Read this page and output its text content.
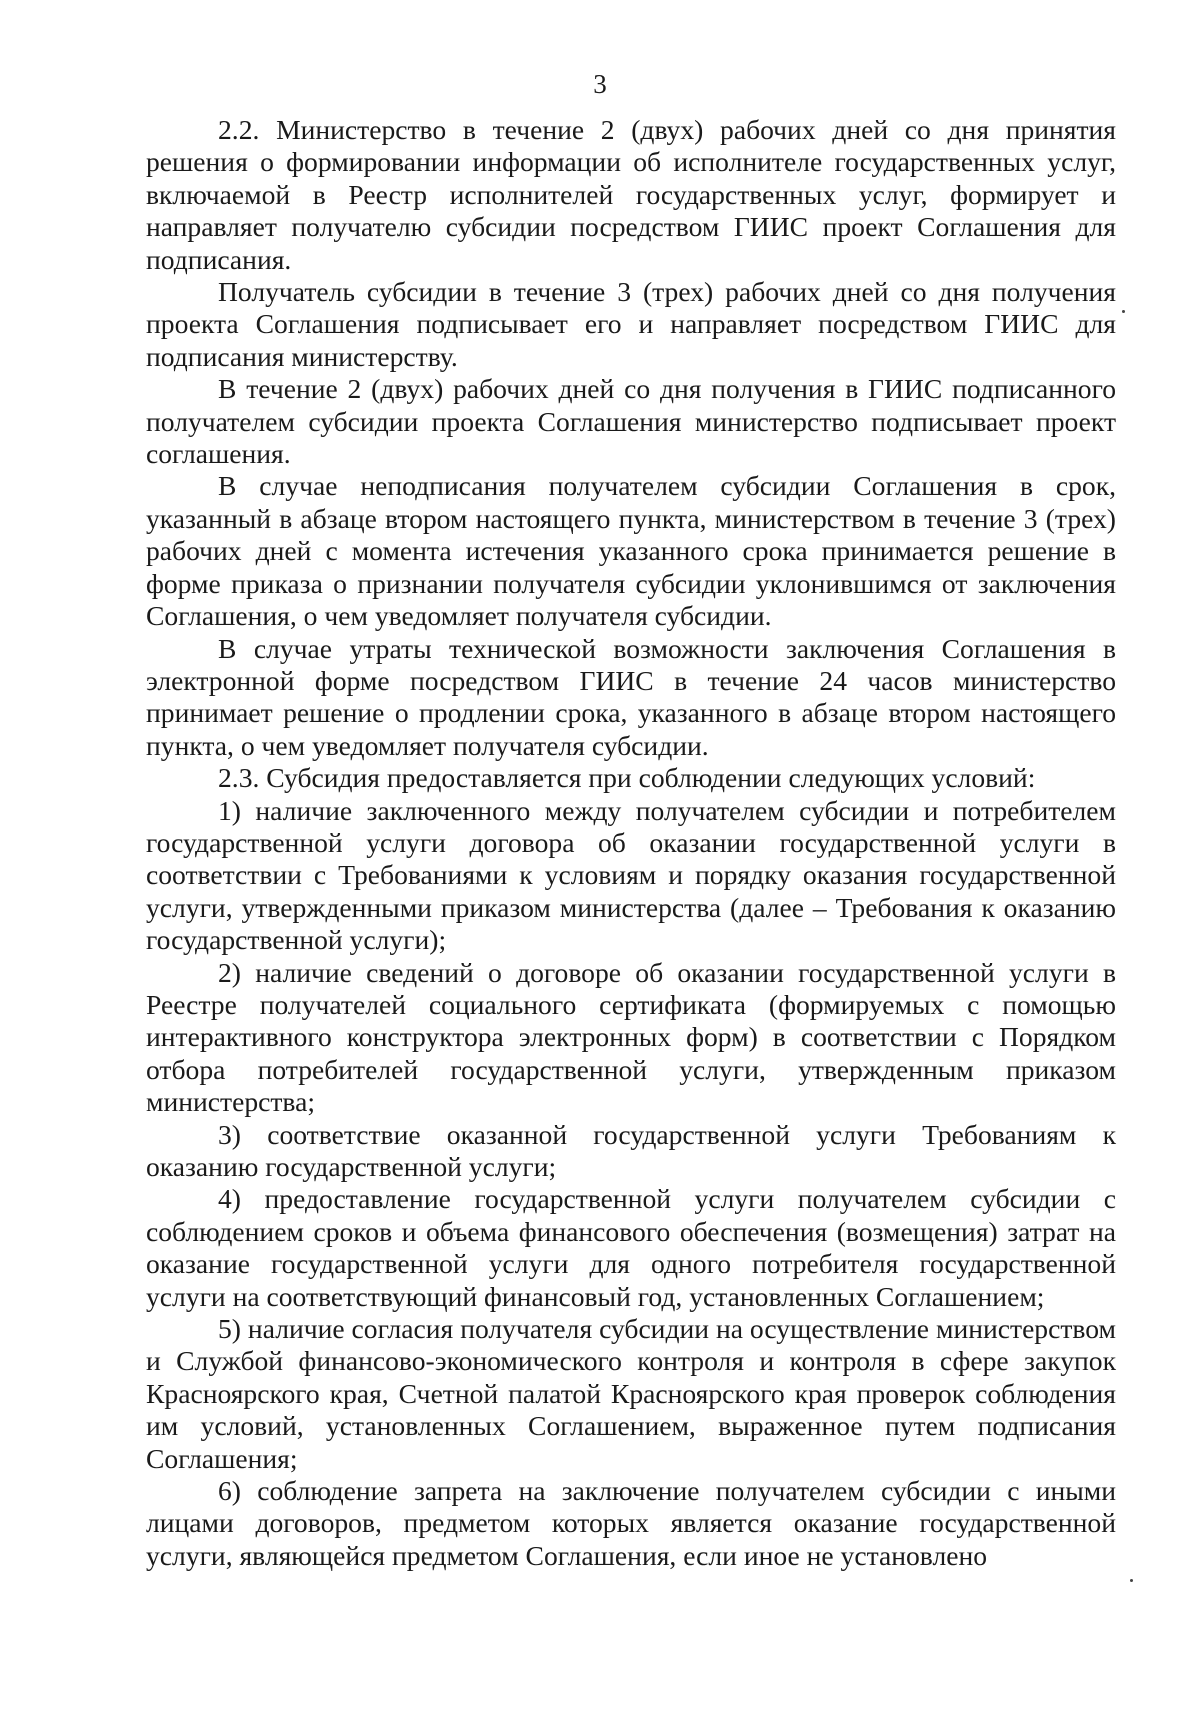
3

2.2. Министерство в течение 2 (двух) рабочих дней со дня принятия решения о формировании информации об исполнителе государственных услуг, включаемой в Реестр исполнителей государственных услуг, формирует и направляет получателю субсидии посредством ГИИС проект Соглашения для подписания.

Получатель субсидии в течение 3 (трех) рабочих дней со дня получения проекта Соглашения подписывает его и направляет посредством ГИИС для подписания министерству.

В течение 2 (двух) рабочих дней со дня получения в ГИИС подписанного получателем субсидии проекта Соглашения министерство подписывает проект соглашения.

В случае неподписания получателем субсидии Соглашения в срок, указанный в абзаце втором настоящего пункта, министерством в течение 3 (трех) рабочих дней с момента истечения указанного срока принимается решение в форме приказа о признании получателя субсидии уклонившимся от заключения Соглашения, о чем уведомляет получателя субсидии.

В случае утраты технической возможности заключения Соглашения в электронной форме посредством ГИИС в течение 24 часов министерство принимает решение о продлении срока, указанного в абзаце втором настоящего пункта, о чем уведомляет получателя субсидии.

2.3. Субсидия предоставляется при соблюдении следующих условий:

1) наличие заключенного между получателем субсидии и потребителем государственной услуги договора об оказании государственной услуги в соответствии с Требованиями к условиям и порядку оказания государственной услуги, утвержденными приказом министерства (далее – Требования к оказанию государственной услуги);

2) наличие сведений о договоре об оказании государственной услуги в Реестре получателей социального сертификата (формируемых с помощью интерактивного конструктора электронных форм) в соответствии с Порядком отбора потребителей государственной услуги, утвержденным приказом министерства;

3) соответствие оказанной государственной услуги Требованиям к оказанию государственной услуги;

4) предоставление государственной услуги получателем субсидии с соблюдением сроков и объема финансового обеспечения (возмещения) затрат на оказание государственной услуги для одного потребителя государственной услуги на соответствующий финансовый год, установленных Соглашением;

5) наличие согласия получателя субсидии на осуществление министерством и Службой финансово-экономического контроля и контроля в сфере закупок Красноярского края, Счетной палатой Красноярского края проверок соблюдения им условий, установленных Соглашением, выраженное путем подписания Соглашения;

6) соблюдение запрета на заключение получателем субсидии с иными лицами договоров, предметом которых является оказание государственной услуги, являющейся предметом Соглашения, если иное не установлено
